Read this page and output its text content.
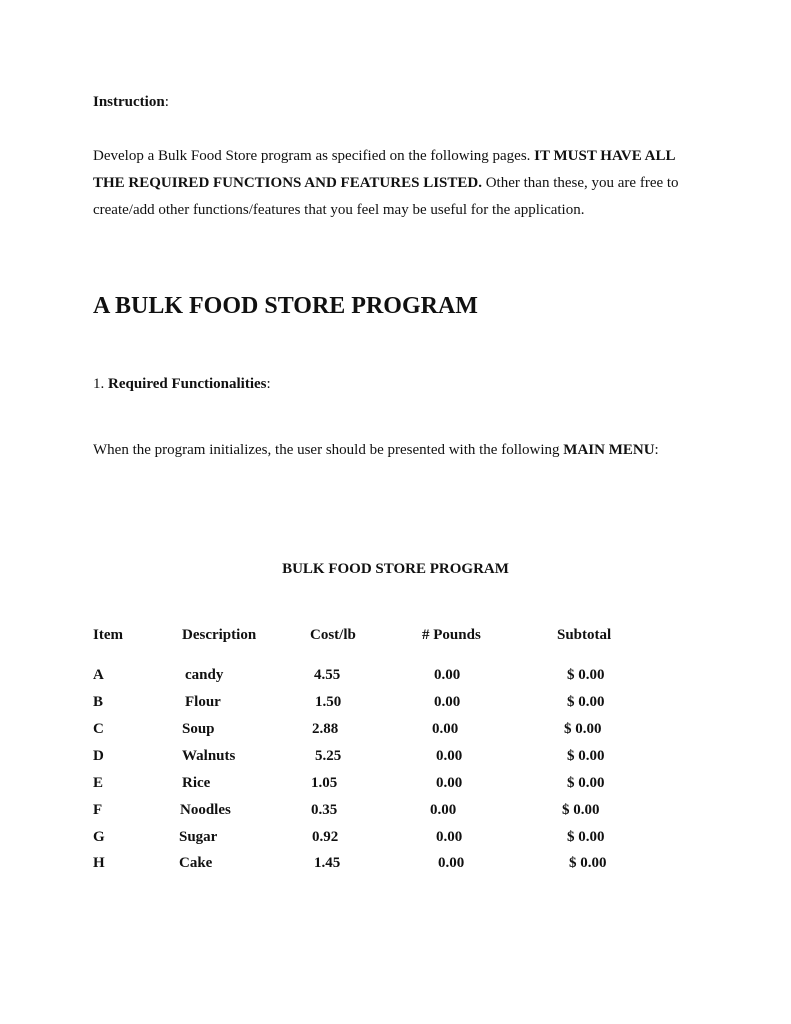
Instruction:
Develop a Bulk Food Store program as specified on the following pages. IT MUST HAVE ALL
THE REQUIRED FUNCTIONS AND FEATURES LISTED. Other than these, you are free to
create/add other functions/features that you feel may be useful for the application.
A BULK FOOD STORE PROGRAM
1. Required Functionalities:
When the program initializes, the user should be presented with the following MAIN MENU:
BULK FOOD STORE PROGRAM
Item	Description	Cost/lb	# Pounds	Subtotal
A	candy	4.55	0.00	$ 0.00
B	Flour	1.50	0.00	$ 0.00
C	Soup	2.88	0.00	$ 0.00
D	Walnuts	5.25	0.00	$ 0.00
E	Rice	1.05	0.00	$ 0.00
F	Noodles	0.35	0.00	$ 0.00
G	Sugar	0.92	0.00	$ 0.00
H	Cake	1.45	0.00	$ 0.00
